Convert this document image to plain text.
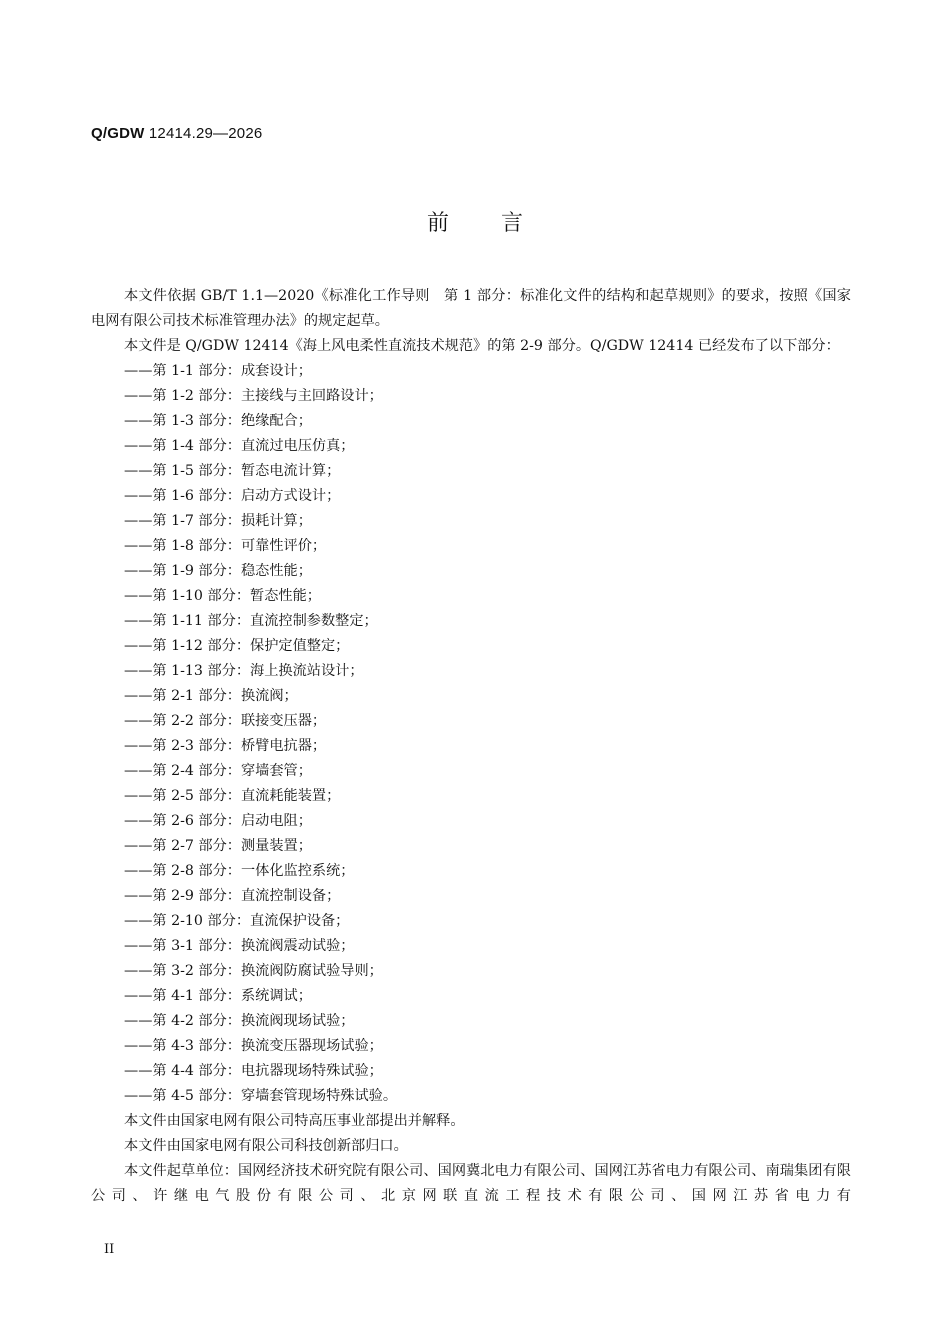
Q/GDW 12414.29—2026
前 言
本文件依据 GB/T 1.1—2020《标准化工作导则　第 1 部分：标准化文件的结构和起草规则》的要求，按照《国家电网有限公司技术标准管理办法》的规定起草。
本文件是 Q/GDW 12414《海上风电柔性直流技术规范》的第 2-9 部分。Q/GDW 12414 已经发布了以下部分：
——第 1-1 部分：成套设计；
——第 1-2 部分：主接线与主回路设计；
——第 1-3 部分：绝缘配合；
——第 1-4 部分：直流过电压仿真；
——第 1-5 部分：暂态电流计算；
——第 1-6 部分：启动方式设计；
——第 1-7 部分：损耗计算；
——第 1-8 部分：可靠性评价；
——第 1-9 部分：稳态性能；
——第 1-10 部分：暂态性能；
——第 1-11 部分：直流控制参数整定；
——第 1-12 部分：保护定值整定；
——第 1-13 部分：海上换流站设计；
——第 2-1 部分：换流阀；
——第 2-2 部分：联接变压器；
——第 2-3 部分：桥臂电抗器；
——第 2-4 部分：穿墙套管；
——第 2-5 部分：直流耗能装置；
——第 2-6 部分：启动电阻；
——第 2-7 部分：测量装置；
——第 2-8 部分：一体化监控系统；
——第 2-9 部分：直流控制设备；
——第 2-10 部分：直流保护设备；
——第 3-1 部分：换流阀震动试验；
——第 3-2 部分：换流阀防腐试验导则；
——第 4-1 部分：系统调试；
——第 4-2 部分：换流阀现场试验；
——第 4-3 部分：换流变压器现场试验；
——第 4-4 部分：电抗器现场特殊试验；
——第 4-5 部分：穿墙套管现场特殊试验。
本文件由国家电网有限公司特高压事业部提出并解释。
本文件由国家电网有限公司科技创新部归口。
本文件起草单位：国网经济技术研究院有限公司、国网冀北电力有限公司、国网江苏省电力有限公司、南瑞集团有限公司、许继电气股份有限公司、北京网联直流工程技术有限公司、国网江苏省电力有
II
